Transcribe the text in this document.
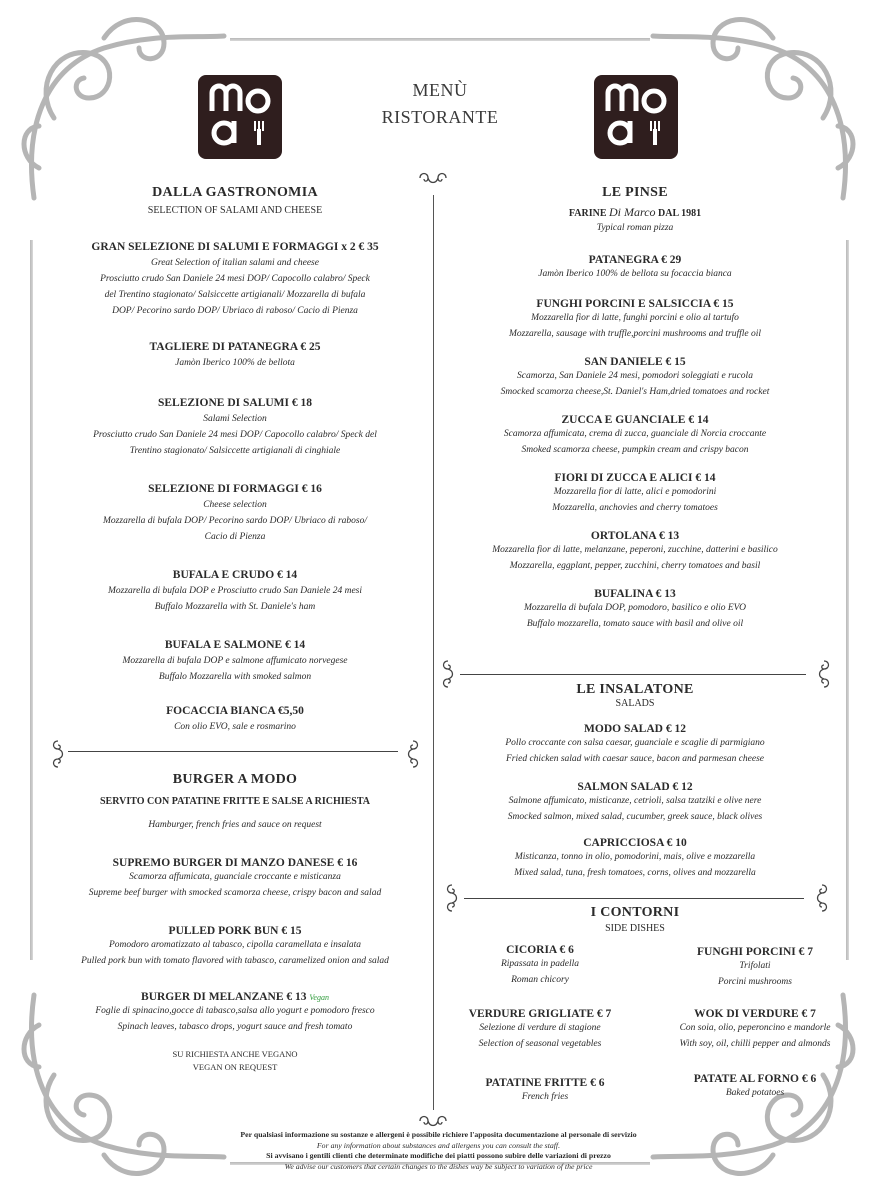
MENÙ
RISTORANTE
DALLA GASTRONOMIA
SELECTION OF SALAMI AND CHEESE
GRAN SELEZIONE DI SALUMI E FORMAGGI x 2 € 35
Great Selection of italian salami and cheese
Prosciutto crudo San Daniele 24 mesi DOP/ Capocollo calabro/ Speck
del Trentino stagionato/ Salsiccette artigianali/ Mozzarella di bufala
DOP/ Pecorino sardo DOP/ Ubriaco di raboso/ Cacio di Pienza
TAGLIERE DI PATANEGRA € 25
Jamòn Iberico 100% de bellota
SELEZIONE DI SALUMI € 18
Salami Selection
Prosciutto crudo San Daniele 24 mesi DOP/ Capocollo calabro/ Speck del
Trentino stagionato/ Salsiccette artigianali di cinghiale
SELEZIONE DI FORMAGGI € 16
Cheese selection
Mozzarella di bufala DOP/ Pecorino sardo DOP/ Ubriaco di raboso/
Cacio di Pienza
BUFALA E CRUDO € 14
Mozzarella di bufala DOP e Prosciutto crudo San Daniele 24 mesi
Buffalo Mozzarella with St. Daniele's ham
BUFALA E SALMONE € 14
Mozzarella di bufala DOP e salmone affumicato norvegese
Buffalo Mozzarella with smoked salmon
FOCACCIA BIANCA €5,50
Con olio EVO, sale e rosmarino
BURGER A MODO
SERVITO CON PATATINE FRITTE E SALSE A RICHIESTA
Hamburger, french fries and sauce on request
SUPREMO BURGER DI MANZO DANESE € 16
Scamorza affumicata, guanciale croccante e misticanza
Supreme beef burger with smocked scamorza cheese, crispy bacon and salad
PULLED PORK BUN € 15
Pomodoro aromatizzato al tabasco, cipolla caramellata e insalata
Pulled pork bun with tomato flavored with tabasco, caramelized onion and salad
BURGER DI MELANZANE € 13 Vegan
Foglie di spinacino,gocce di tabasco,salsa allo yogurt e pomodoro fresco
Spinach leaves, tabasco drops, yogurt sauce and fresh tomato
SU RICHIESTA ANCHE VEGANO
VEGAN ON REQUEST
LE PINSE
FARINE Di Marco DAL 1981
Typical roman pizza
PATANEGRA € 29
Jamòn Iberico 100% de bellota su focaccia bianca
FUNGHI PORCINI E SALSICCIA € 15
Mozzarella fior di latte, funghi porcini e olio al tartufo
Mozzarella, sausage with truffle,porcini mushrooms and truffle oil
SAN DANIELE € 15
Scamorza, San Daniele 24 mesi, pomodori soleggiati e rucola
Smocked scamorza cheese,St. Daniel's Ham,dried tomatoes and rocket
ZUCCA E GUANCIALE € 14
Scamorza affumicata, crema di zucca, guanciale di Norcia croccante
Smoked scamorza cheese, pumpkin cream and crispy bacon
FIORI DI ZUCCA E ALICI € 14
Mozzarella fior di latte, alici e pomodorini
Mozzarella, anchovies and cherry tomatoes
ORTOLANA € 13
Mozzarella fior di latte, melanzane, peperoni, zucchine, datterini e basilico
Mozzarella, eggplant, pepper, zucchini, cherry tomatoes and basil
BUFALINA € 13
Mozzarella di bufala DOP, pomodoro, basilico e olio EVO
Buffalo mozzarella, tomato sauce with basil and olive oil
LE INSALATONE
SALADS
MODO SALAD € 12
Pollo croccante con salsa caesar, guanciale e scaglie di parmigiano
Fried chicken salad with caesar sauce, bacon and parmesan cheese
SALMON SALAD € 12
Salmone affumicato, misticanze, cetrioli, salsa tzatziki e olive nere
Smocked salmon, mixed salad, cucumber, greek sauce, black olives
CAPRICCIOSA € 10
Misticanza, tonno in olio, pomodorini, mais, olive e mozzarella
Mixed salad, tuna, fresh tomatoes, corns, olives and mozzarella
I CONTORNI
SIDE DISHES
CICORIA € 6
Ripassata in padella
Roman chicory
FUNGHI PORCINI € 7
Trifolati
Porcini mushrooms
VERDURE GRIGLIATE € 7
Selezione di verdure di stagione
Selection of seasonal vegetables
WOK DI VERDURE € 7
Con soia, olio, peperoncino e mandorle
With soy, oil, chilli pepper and almonds
PATATINE FRITTE € 6
French fries
PATATE AL FORNO € 6
Baked potatoes
Per qualsiasi informazione su sostanze e allergeni è possibile richiere l'apposita documentazione al personale di servizio
For any information about substances and allergens you can consult the staff.
Si avvisano i gentili clienti che determinate modifiche dei piatti possono subire delle variazioni di prezzo
We advise our customers that certain changes to the dishes way be subject to variation of the price
